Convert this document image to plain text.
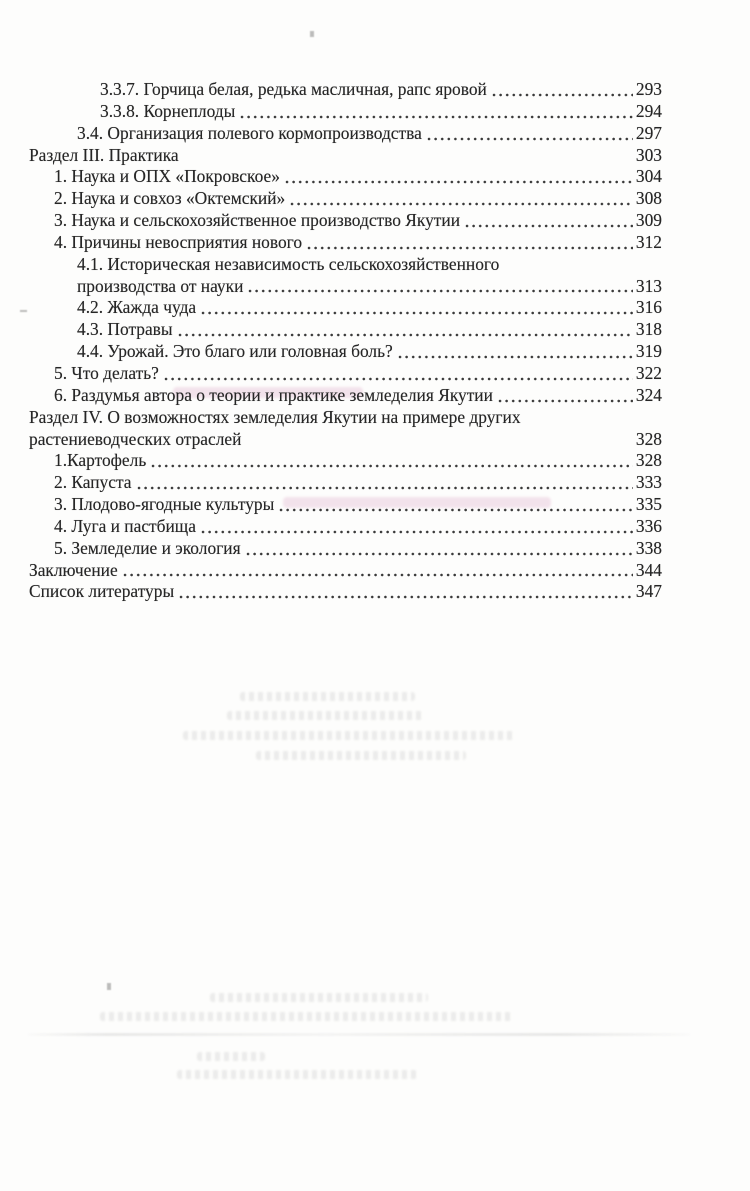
3.3.7. Горчица белая, редька масличная, рапс яровой	293
3.3.8. Корнеплоды	294
3.4. Организация полевого кормопроизводства	297
Раздел III. Практика	303
1. Наука и ОПХ «Покровское»	304
2. Наука и совхоз «Октемский»	308
3. Наука и сельскохозяйственное производство Якутии	309
4. Причины невосприятия нового	312
4.1. Историческая независимость сельскохозяйственного
производства от науки	313
4.2. Жажда чуда	316
4.3. Потравы	318
4.4. Урожай. Это благо или головная боль?	319
5. Что делать?	322
6. Раздумья автора о теории и практике земледелия Якутии	324
Раздел IV. О возможностях земледелия Якутии на примере других
растениеводческих отраслей	328
1.Картофель	328
2. Капуста	333
3. Плодово-ягодные культуры	335
4. Луга и пастбища	336
5. Земледелие и экология	338
Заключение	344
Список литературы	347
